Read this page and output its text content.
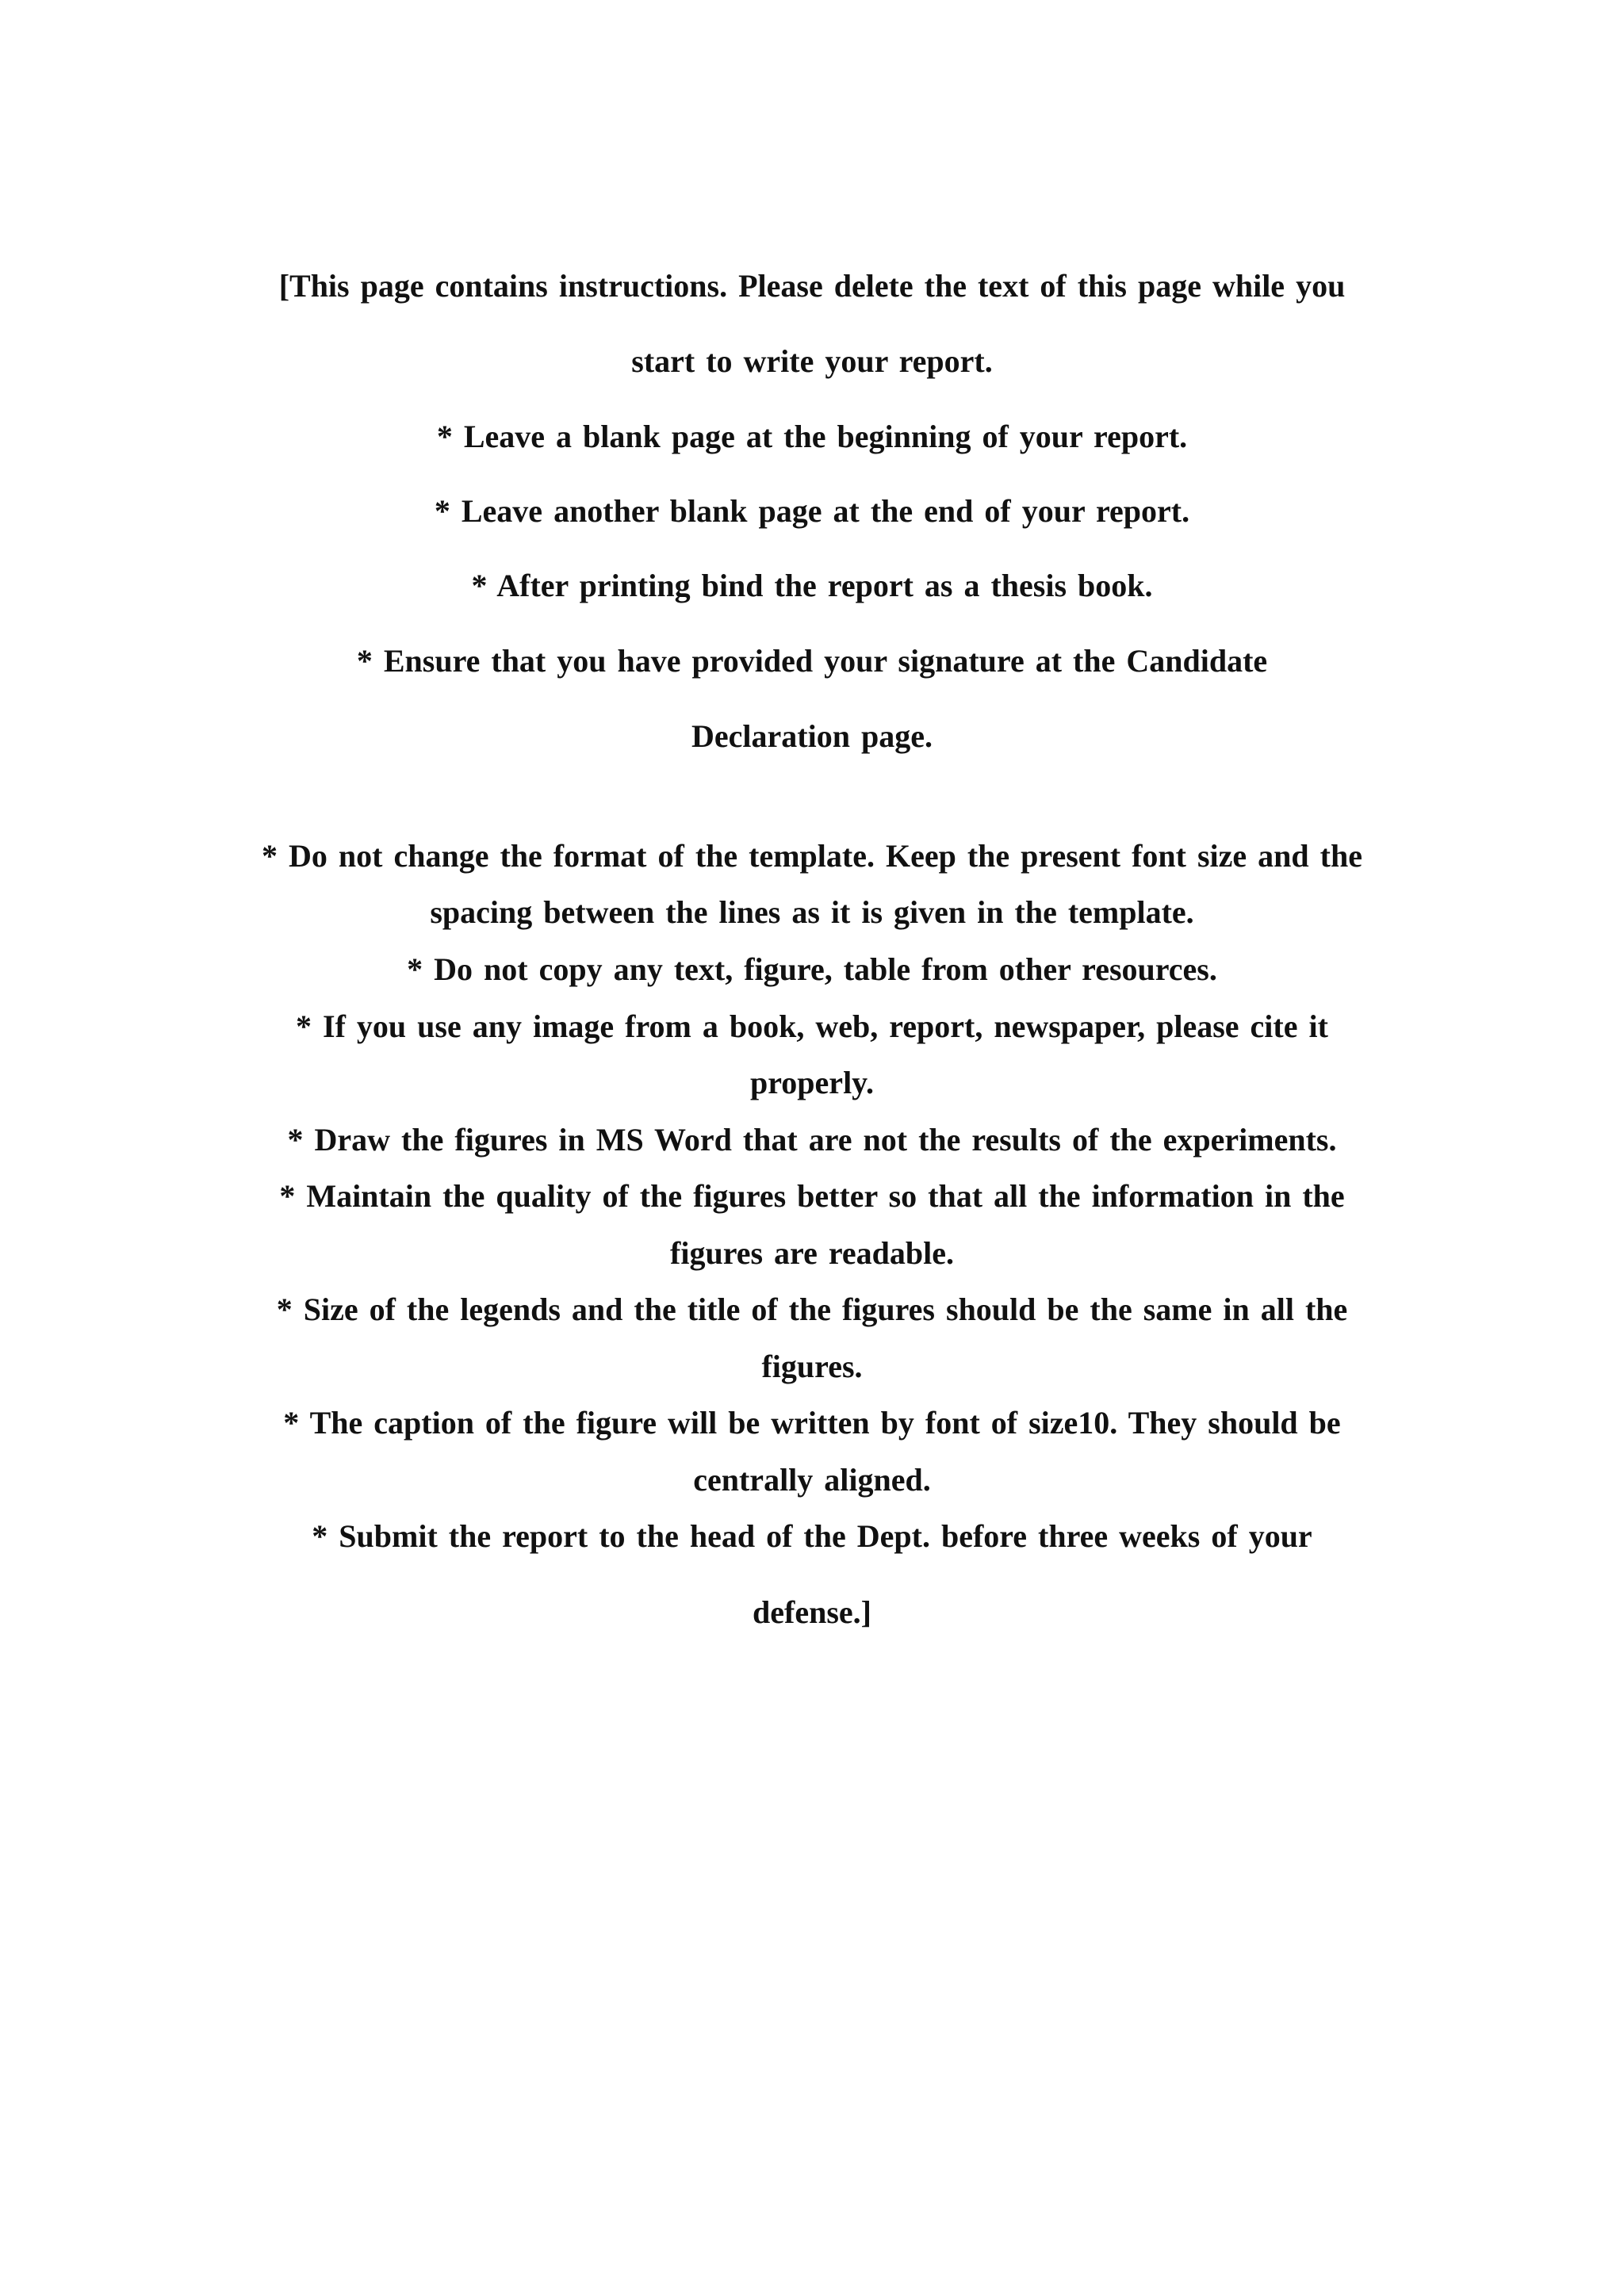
[This page contains instructions. Please delete the text of this page while you
start to write your report.
* Leave a blank page at the beginning of your report.
* Leave another blank page at the end of your report.
* After printing bind the report as a thesis book.
* Ensure that you have provided your signature at the Candidate
Declaration page.
* Do not change the format of the template. Keep the present font size and the
spacing between the lines as it is given in the template.
* Do not copy any text, figure, table from other resources.
* If you use any image from a book, web, report, newspaper, please cite it
properly.
* Draw the figures in MS Word that are not the results of the experiments.
* Maintain the quality of the figures better so that all the information in the
figures are readable.
* Size of the legends and the title of the figures should be the same in all the
figures.
* The caption of the figure will be written by font of size10. They should be
centrally aligned.
* Submit the report to the head of the Dept. before three weeks of your
defense.]
